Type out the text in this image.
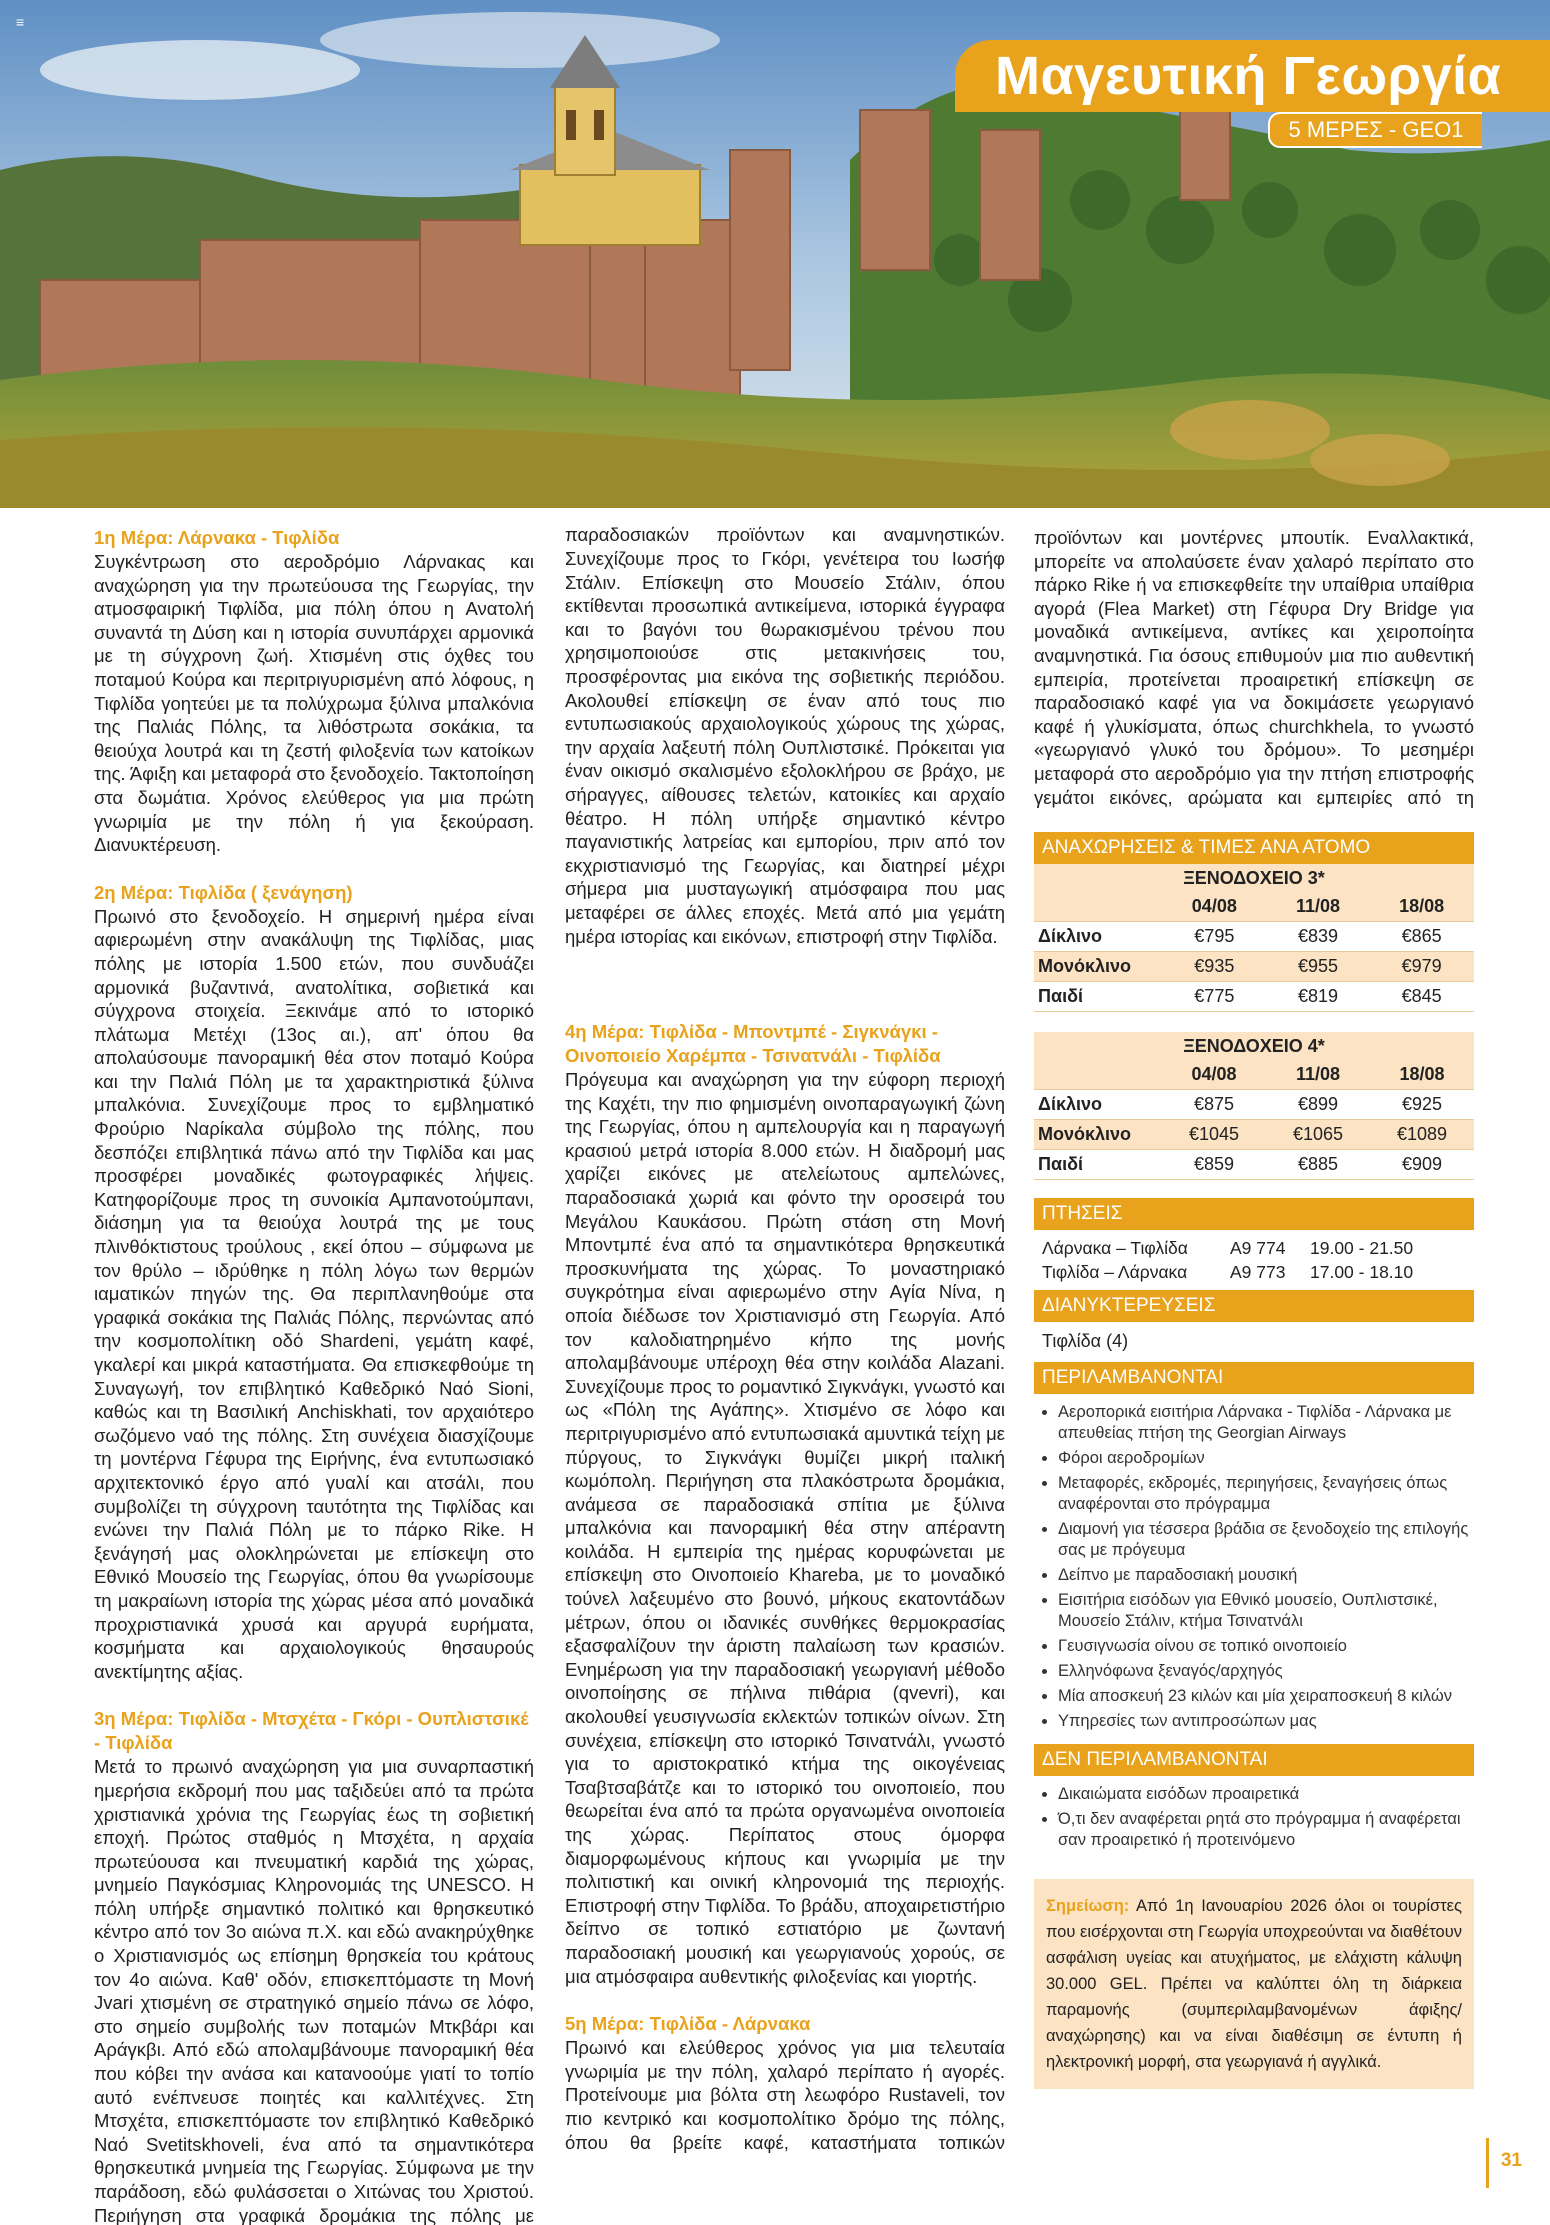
≡
Μαγευτική Γεωργία
5 ΜΕΡΕΣ - GEO1

1η Μέρα: Λάρνακα - Τιφλίδα

Συγκέντρωση στο αεροδρόμιο Λάρνακας και αναχώρηση για την πρωτεύουσα της Γεωργίας, την ατμοσφαιρική Τιφλίδα, μια πόλη όπου η Ανατολή συναντά τη Δύση και η ιστορία συνυπάρχει αρμονικά με τη σύγχρονη ζωή. Χτισμένη στις όχθες του ποταμού Κούρα και περιτριγυρισμένη από λόφους, η Τιφλίδα γοητεύει με τα πολύχρωμα ξύλινα μπαλκόνια της Παλιάς Πόλης, τα λιθόστρωτα σοκάκια, τα θειούχα λουτρά και τη ζεστή φιλοξενία των κατοίκων της. Άφιξη και μεταφορά στο ξενοδοχείο. Τακτοποίηση στα δωμάτια. Χρόνος ελεύθερος για μια πρώτη γνωριμία με την πόλη ή για ξεκούραση. Διανυκτέρευση.

2η Μέρα: Τιφλίδα ( ξενάγηση)

Πρωινό στο ξενοδοχείο. Η σημερινή ημέρα είναι αφιερωμένη στην ανακάλυψη της Τιφλίδας, μιας πόλης με ιστορία 1.500 ετών, που συνδυάζει αρμονικά βυζαντινά, ανατολίτικα, σοβιετικά και σύγχρονα στοιχεία. Ξεκινάμε από το ιστορικό πλάτωμα Μετέχι (13ος αι.), απ' όπου θα απολαύσουμε πανοραμική θέα στον ποταμό Κούρα και την Παλιά Πόλη με τα χαρακτηριστικά ξύλινα μπαλκόνια. Συνεχίζουμε προς το εμβληματικό Φρούριο Ναρίκαλα σύμβολο της πόλης, που δεσπόζει επιβλητικά πάνω από την Τιφλίδα και μας προσφέρει μοναδικές φωτογραφικές λήψεις. Κατηφορίζουμε προς τη συνοικία Αμπανοτούμπανι, διάσημη για τα θειούχα λουτρά της με τους πλινθόκτιστους τρούλους , εκεί όπου – σύμφωνα με τον θρύλο – ιδρύθηκε η πόλη λόγω των θερμών ιαματικών πηγών της. Θα περιπλανηθούμε στα γραφικά σοκάκια της Παλιάς Πόλης, περνώντας από την κοσμοπολίτικη οδό Shardeni, γεμάτη καφέ, γκαλερί και μικρά καταστήματα. Θα επισκεφθούμε τη Συναγωγή, τον επιβλητικό Καθεδρικό Ναό Sioni, καθώς και τη Βασιλική Anchiskhati, τον αρχαιότερο σωζόμενο ναό της πόλης. Στη συνέχεια διασχίζουμε τη μοντέρνα Γέφυρα της Ειρήνης, ένα εντυπωσιακό αρχιτεκτονικό έργο από γυαλί και ατσάλι, που συμβολίζει τη σύγχρονη ταυτότητα της Τιφλίδας και ενώνει την Παλιά Πόλη με το πάρκο Rike. Η ξενάγησή μας ολοκληρώνεται με επίσκεψη στο Εθνικό Μουσείο της Γεωργίας, όπου θα γνωρίσουμε τη μακραίωνη ιστορία της χώρας μέσα από μοναδικά προχριστιανικά χρυσά και αργυρά ευρήματα, κοσμήματα και αρχαιολογικούς θησαυρούς ανεκτίμητης αξίας.

3η Μέρα: Τιφλίδα - Μτσχέτα - Γκόρι - Ουπλιστσικέ - Τιφλίδα

Μετά το πρωινό αναχώρηση για μια συναρπαστική ημερήσια εκδρομή που μας ταξιδεύει από τα πρώτα χριστιανικά χρόνια της Γεωργίας έως τη σοβιετική εποχή. Πρώτος σταθμός η Μτσχέτα, η αρχαία πρωτεύουσα και πνευματική καρδιά της χώρας, μνημείο Παγκόσμιας Κληρονομιάς της UNESCO. Η πόλη υπήρξε σημαντικό πολιτικό και θρησκευτικό κέντρο από τον 3ο αιώνα π.Χ. και εδώ ανακηρύχθηκε ο Χριστιανισμός ως επίσημη θρησκεία του κράτους τον 4ο αιώνα. Καθ' οδόν, επισκεπτόμαστε τη Μονή Jvari χτισμένη σε στρατηγικό σημείο πάνω σε λόφο, στο σημείο συμβολής των ποταμών Μτκβάρι και Αράγκβι. Από εδώ απολαμβάνουμε πανοραμική θέα που κόβει την ανάσα και κατανοούμε γιατί το τοπίο αυτό ενέπνευσε ποιητές και καλλιτέχνες. Στη Μτσχέτα, επισκεπτόμαστε τον επιβλητικό Καθεδρικό Ναό Svetitskhoveli, ένα από τα σημαντικότερα θρησκευτικά μνημεία της Γεωργίας. Σύμφωνα με την παράδοση, εδώ φυλάσσεται ο Χιτώνας του Χριστού. Περιήγηση στα γραφικά δρομάκια της πόλης με

παραδοσιακών προϊόντων και αναμνηστικών. Συνεχίζουμε προς το Γκόρι, γενέτειρα του Ιωσήφ Στάλιν. Επίσκεψη στο Μουσείο Στάλιν, όπου εκτίθενται προσωπικά αντικείμενα, ιστορικά έγγραφα και το βαγόνι του θωρακισμένου τρένου που χρησιμοποιούσε στις μετακινήσεις του, προσφέροντας μια εικόνα της σοβιετικής περιόδου. Ακολουθεί επίσκεψη σε έναν από τους πιο εντυπωσιακούς αρχαιολογικούς χώρους της χώρας, την αρχαία λαξευτή πόλη Ουπλιστσικέ. Πρόκειται για έναν οικισμό σκαλισμένο εξολοκλήρου σε βράχο, με σήραγγες, αίθουσες τελετών, κατοικίες και αρχαίο θέατρο. Η πόλη υπήρξε σημαντικό κέντρο παγανιστικής λατρείας και εμπορίου, πριν από τον εκχριστιανισμό της Γεωργίας, και διατηρεί μέχρι σήμερα μια μυσταγωγική ατμόσφαιρα που μας μεταφέρει σε άλλες εποχές. Μετά από μια γεμάτη ημέρα ιστορίας και εικόνων, επιστροφή στην Τιφλίδα.

4η Μέρα: Τιφλίδα - Μποντμπέ - Σιγκνάγκι - Οινοποιείο Χαρέμπα - Τσινατνάλι - Τιφλίδα

Πρόγευμα και αναχώρηση για την εύφορη περιοχή της Καχέτι, την πιο φημισμένη οινοπαραγωγική ζώνη της Γεωργίας, όπου η αμπελουργία και η παραγωγή κρασιού μετρά ιστορία 8.000 ετών. Η διαδρομή μας χαρίζει εικόνες με ατελείωτους αμπελώνες, παραδοσιακά χωριά και φόντο την οροσειρά του Μεγάλου Καυκάσου. Πρώτη στάση στη Μονή Μποντμπέ ένα από τα σημαντικότερα θρησκευτικά προσκυνήματα της χώρας. Το μοναστηριακό συγκρότημα είναι αφιερωμένο στην Αγία Νίνα, η οποία διέδωσε τον Χριστιανισμό στη Γεωργία. Από τον καλοδιατηρημένο κήπο της μονής απολαμβάνουμε υπέροχη θέα στην κοιλάδα Alazani. Συνεχίζουμε προς το ρομαντικό Σιγκνάγκι, γνωστό και ως «Πόλη της Αγάπης». Χτισμένο σε λόφο και περιτριγυρισμένο από εντυπωσιακά αμυντικά τείχη με πύργους, το Σιγκνάγκι θυμίζει μικρή ιταλική κωμόπολη. Περιήγηση στα πλακόστρωτα δρομάκια, ανάμεσα σε παραδοσιακά σπίτια με ξύλινα μπαλκόνια και πανοραμική θέα στην απέραντη κοιλάδα. Η εμπειρία της ημέρας κορυφώνεται με επίσκεψη στο Οινοποιείο Khareba, με το μοναδικό τούνελ λαξευμένο στο βουνό, μήκους εκατοντάδων μέτρων, όπου οι ιδανικές συνθήκες θερμοκρασίας εξασφαλίζουν την άριστη παλαίωση των κρασιών. Ενημέρωση για την παραδοσιακή γεωργιανή μέθοδο οινοποίησης σε πήλινα πιθάρια (qvevri), και ακολουθεί γευσιγνωσία εκλεκτών τοπικών οίνων. Στη συνέχεια, επίσκεψη στο ιστορικό Τσινατνάλι, γνωστό για το αριστοκρατικό κτήμα της οικογένειας Τσαβτσαβάτζε και το ιστορικό του οινοποιείο, που θεωρείται ένα από τα πρώτα οργανωμένα οινοποιεία της χώρας. Περίπατος στους όμορφα διαμορφωμένους κήπους και γνωριμία με την πολιτιστική και οινική κληρονομιά της περιοχής. Επιστροφή στην Τιφλίδα. Το βράδυ, αποχαιρετιστήριο δείπνο σε τοπικό εστιατόριο με ζωντανή παραδοσιακή μουσική και γεωργιανούς χορούς, σε μια ατμόσφαιρα αυθεντικής φιλοξενίας και γιορτής.

5η Μέρα: Τιφλίδα - Λάρνακα

Πρωινό και ελεύθερος χρόνος για μια τελευταία γνωριμία με την πόλη, χαλαρό περίπατο ή αγορές. Προτείνουμε μια βόλτα στη λεωφόρο Rustaveli, τον πιο κεντρικό και κοσμοπολίτικο δρόμο της πόλης, όπου θα βρείτε καφέ, καταστήματα τοπικών

προϊόντων και μοντέρνες μπουτίκ. Εναλλακτικά, μπορείτε να απολαύσετε έναν χαλαρό περίπατο στο πάρκο Rike ή να επισκεφθείτε την υπαίθρια υπαίθρια αγορά (Flea Market) στη Γέφυρα Dry Bridge για μοναδικά αντικείμενα, αντίκες και χειροποίητα αναμνηστικά. Για όσους επιθυμούν μια πιο αυθεντική εμπειρία, προτείνεται προαιρετική επίσκεψη σε παραδοσιακό καφέ για να δοκιμάσετε γεωργιανό καφέ ή γλυκίσματα, όπως churchkhela, το γνωστό «γεωργιανό γλυκό του δρόμου». Το μεσημέρι μεταφορά στο αεροδρόμιο για την πτήση επιστροφής γεμάτοι εικόνες, αρώματα και εμπειρίες από τη

ΑΝΑΧΩΡΗΣΕΙΣ & ΤΙΜΕΣ ΑΝΑ ΑΤΟΜΟ

ΞΕΝΟΔΟΧΕΙΟ 3*
	04/08	11/08	18/08
Δίκλινο	€795	€839	€865
Μονόκλινο	€935	€955	€979
Παιδί	€775	€819	€845
ΞΕΝΟΔΟΧΕΙΟ 4*
	04/08	11/08	18/08
Δίκλινο	€875	€899	€925
Μονόκλινο	€1045	€1065	€1089
Παιδί	€859	€885	€909

ΠΤΗΣΕΙΣ

Λάρνακα – Τιφλίδα	A9 774	19.00 - 21.50
Τιφλίδα – Λάρνακα	A9 773	17.00 - 18.10

ΔΙΑΝΥΚΤΕΡΕΥΣΕΙΣ

Τιφλίδα (4)

ΠΕΡΙΛΑΜΒΑΝΟΝΤΑΙ

• Αεροπορικά εισιτήρια Λάρνακα - Τιφλίδα - Λάρνακα με απευθείας πτήση της Georgian Airways
• Φόροι αεροδρομίων
• Μεταφορές, εκδρομές, περιηγήσεις, ξεναγήσεις όπως αναφέρονται στο πρόγραμμα
• Διαμονή για τέσσερα βράδια σε ξενοδοχείο της επιλογής σας με πρόγευμα
• Δείπνο με παραδοσιακή μουσική
• Εισιτήρια εισόδων για Εθνικό μουσείο, Ουπλιστσικέ, Μουσείο Στάλιν, κτήμα Τσινατνάλι
• Γευσιγνωσία οίνου σε τοπικό οινοποιείο
• Ελληνόφωνα ξεναγός/αρχηγός
• Μία αποσκευή 23 κιλών και μία χειραποσκευή 8 κιλών
• Υπηρεσίες των αντιπροσώπων μας

ΔΕΝ ΠΕΡΙΛΑΜΒΑΝΟΝΤΑΙ

• Δικαιώματα εισόδων προαιρετικά
• Ό,τι δεν αναφέρεται ρητά στο πρόγραμμα ή αναφέρεται σαν προαιρετικό ή προτεινόμενο
Σημείωση: Από 1η Ιανουαρίου 2026 όλοι οι τουρίστες που εισέρχονται στη Γεωργία υποχρεούνται να διαθέτουν ασφάλιση υγείας και ατυχήματος, με ελάχιστη κάλυψη 30.000 GEL. Πρέπει να καλύπτει όλη τη διάρκεια παραμονής (συμπεριλαμβανομένων άφιξης/αναχώρησης) και να είναι διαθέσιμη σε έντυπη ή ηλεκτρονική μορφή, στα γεωργιανά ή αγγλικά.
31
